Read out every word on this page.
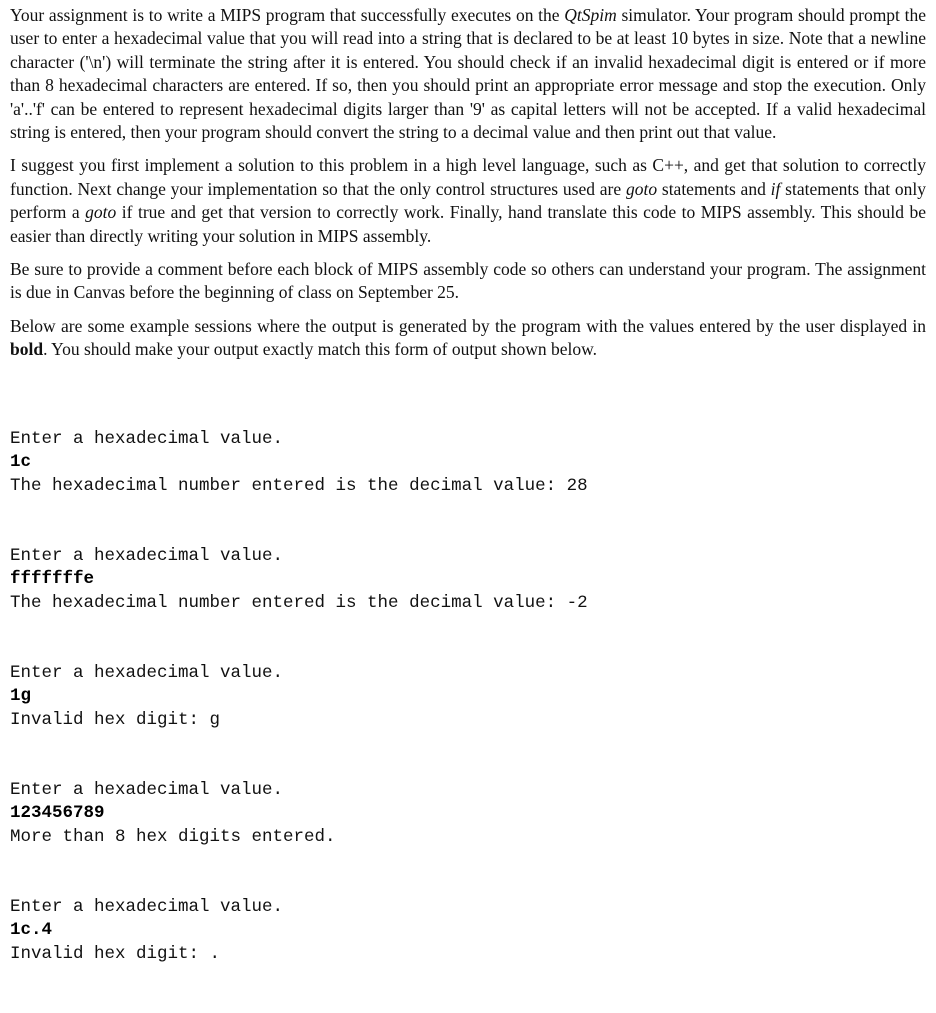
Your assignment is to write a MIPS program that successfully executes on the QtSpim simulator. Your program should prompt the user to enter a hexadecimal value that you will read into a string that is declared to be at least 10 bytes in size. Note that a newline character ('\n') will terminate the string after it is entered. You should check if an invalid hexadecimal digit is entered or if more than 8 hexadecimal characters are entered. If so, then you should print an appropriate error message and stop the execution. Only 'a'..'f' can be entered to represent hexadecimal digits larger than '9' as capital letters will not be accepted. If a valid hexadecimal string is entered, then your program should convert the string to a decimal value and then print out that value.

I suggest you first implement a solution to this problem in a high level language, such as C++, and get that solution to correctly function. Next change your implementation so that the only control structures used are goto statements and if statements that only perform a goto if true and get that version to correctly work. Finally, hand translate this code to MIPS assembly. This should be easier than directly writing your solution in MIPS assembly.

Be sure to provide a comment before each block of MIPS assembly code so others can understand your program. The assignment is due in Canvas before the beginning of class on September 25.

Below are some example sessions where the output is generated by the program with the values entered by the user displayed in bold. You should make your output exactly match this form of output shown below.

Enter a hexadecimal value.
1c
The hexadecimal number entered is the decimal value: 28
Enter a hexadecimal value.
fffffffe
The hexadecimal number entered is the decimal value: -2
Enter a hexadecimal value.
1g
Invalid hex digit: g
Enter a hexadecimal value.
123456789
More than 8 hex digits entered.
Enter a hexadecimal value.
1c.4
Invalid hex digit: .
